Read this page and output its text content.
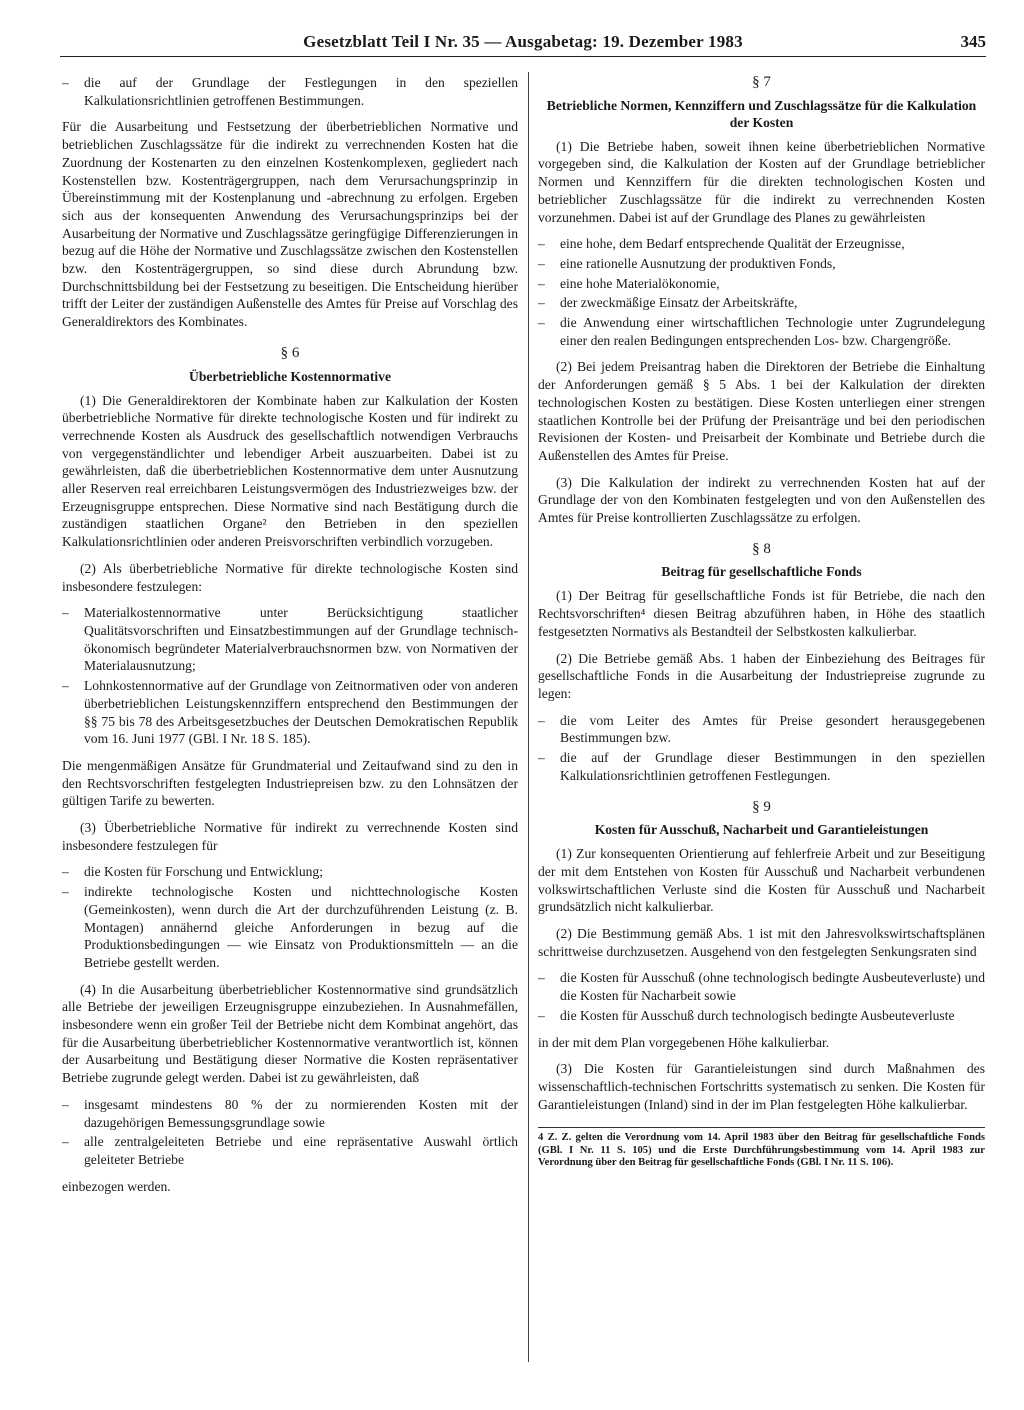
Gesetzblatt Teil I Nr. 35 — Ausgabetag: 19. Dezember 1983	345
– die auf der Grundlage der Festlegungen in den speziellen Kalkulationsrichtlinien getroffenen Bestimmungen.

Für die Ausarbeitung und Festsetzung der überbetrieblichen Normative und betrieblichen Zuschlagssätze für die indirekt zu verrechnenden Kosten hat die Zuordnung der Kostenarten zu den einzelnen Kostenkomplexen, gegliedert nach Kostenstellen bzw. Kostenträgergruppen, nach dem Verursachungsprinzip in Übereinstimmung mit der Kostenplanung und -abrechnung zu erfolgen. Ergeben sich aus der konsequenten Anwendung des Verursachungsprinzips bei der Ausarbeitung der Normative und Zuschlagssätze geringfügige Differenzierungen in bezug auf die Höhe der Normative und Zuschlagssätze zwischen den Kostenstellen bzw. den Kostenträgergruppen, so sind diese durch Abrundung bzw. Durchschnittsbildung bei der Festsetzung zu beseitigen. Die Entscheidung hierüber trifft der Leiter der zuständigen Außenstelle des Amtes für Preise auf Vorschlag des Generaldirektors des Kombinates.

§ 6
Überbetriebliche Kostennormative

(1) Die Generaldirektoren der Kombinate haben zur Kalkulation der Kosten überbetriebliche Normative für direkte technologische Kosten und für indirekt zu verrechnende Kosten als Ausdruck des gesellschaftlich notwendigen Verbrauchs von vergegenständlichter und lebendiger Arbeit auszuarbeiten. Dabei ist zu gewährleisten, daß die überbetrieblichen Kostennormative dem unter Ausnutzung aller Reserven real erreichbaren Leistungsvermögen des Industriezweiges bzw. der Erzeugnisgruppe entsprechen. Diese Normative sind nach Bestätigung durch die zuständigen staatlichen Organe² den Betrieben in den speziellen Kalkulationsrichtlinien oder anderen Preisvorschriften verbindlich vorzugeben.

(2) Als überbetriebliche Normative für direkte technologische Kosten sind insbesondere festzulegen:

– Materialkostennormative unter Berücksichtigung staatlicher Qualitätsvorschriften und Einsatzbestimmungen auf der Grundlage technisch-ökonomisch begründeter Materialverbrauchsnormen bzw. von Normativen der Materialausnutzung;
– Lohnkostennormative auf der Grundlage von Zeitnormativen oder von anderen überbetrieblichen Leistungskennziffern entsprechend den Bestimmungen der §§ 75 bis 78 des Arbeitsgesetzbuches der Deutschen Demokratischen Republik vom 16. Juni 1977 (GBl. I Nr. 18 S. 185).

Die mengenmäßigen Ansätze für Grundmaterial und Zeitaufwand sind zu den in den Rechtsvorschriften festgelegten Industriepreisen bzw. zu den Lohnsätzen der gültigen Tarife zu bewerten.

(3) Überbetriebliche Normative für indirekt zu verrechnende Kosten sind insbesondere festzulegen für

– die Kosten für Forschung und Entwicklung;
– indirekte technologische Kosten und nichttechnologische Kosten (Gemeinkosten), wenn durch die Art der durchzuführenden Leistung (z. B. Montagen) annähernd gleiche Anforderungen in bezug auf die Produktionsbedingungen — wie Einsatz von Produktionsmitteln — an die Betriebe gestellt werden.

(4) In die Ausarbeitung überbetrieblicher Kostennormative sind grundsätzlich alle Betriebe der jeweiligen Erzeugnisgruppe einzubeziehen. In Ausnahmefällen, insbesondere wenn ein großer Teil der Betriebe nicht dem Kombinat angehört, das für die Ausarbeitung überbetrieblicher Kostennormative verantwortlich ist, können der Ausarbeitung und Bestätigung dieser Normative die Kosten repräsentativer Betriebe zugrunde gelegt werden. Dabei ist zu gewährleisten, daß

– insgesamt mindestens 80 % der zu normierenden Kosten mit der dazugehörigen Bemessungsgrundlage sowie
– alle zentralgeleiteten Betriebe und eine repräsentative Auswahl örtlich geleiteter Betriebe

einbezogen werden.

§ 7
Betriebliche Normen, Kennziffern und Zuschlagssätze für die Kalkulation der Kosten

(1) Die Betriebe haben, soweit ihnen keine überbetrieblichen Normative vorgegeben sind, die Kalkulation der Kosten auf der Grundlage betrieblicher Normen und Kennziffern für die direkten technologischen Kosten und betrieblicher Zuschlagssätze für die indirekt zu verrechnenden Kosten vorzunehmen. Dabei ist auf der Grundlage des Planes zu gewährleisten

– eine hohe, dem Bedarf entsprechende Qualität der Erzeugnisse,
– eine rationelle Ausnutzung der produktiven Fonds,
– eine hohe Materialökonomie,
– der zweckmäßige Einsatz der Arbeitskräfte,
– die Anwendung einer wirtschaftlichen Technologie unter Zugrundelegung einer den realen Bedingungen entsprechenden Los- bzw. Chargengröße.

(2) Bei jedem Preisantrag haben die Direktoren der Betriebe die Einhaltung der Anforderungen gemäß § 5 Abs. 1 bei der Kalkulation der direkten technologischen Kosten zu bestätigen. Diese Kosten unterliegen einer strengen staatlichen Kontrolle bei der Prüfung der Preisanträge und bei den periodischen Revisionen der Kosten- und Preisarbeit der Kombinate und Betriebe durch die Außenstellen des Amtes für Preise.

(3) Die Kalkulation der indirekt zu verrechnenden Kosten hat auf der Grundlage der von den Kombinaten festgelegten und von den Außenstellen des Amtes für Preise kontrollierten Zuschlagssätze zu erfolgen.

§ 8
Beitrag für gesellschaftliche Fonds

(1) Der Beitrag für gesellschaftliche Fonds ist für Betriebe, die nach den Rechtsvorschriften⁴ diesen Beitrag abzuführen haben, in Höhe des staatlich festgesetzten Normativs als Bestandteil der Selbstkosten kalkulierbar.

(2) Die Betriebe gemäß Abs. 1 haben der Einbeziehung des Beitrages für gesellschaftliche Fonds in die Ausarbeitung der Industriepreise zugrunde zu legen:

– die vom Leiter des Amtes für Preise gesondert herausgegebenen Bestimmungen bzw.
– die auf der Grundlage dieser Bestimmungen in den speziellen Kalkulationsrichtlinien getroffenen Festlegungen.
§ 9
Kosten für Ausschuß, Nacharbeit und Garantieleistungen

(1) Zur konsequenten Orientierung auf fehlerfreie Arbeit und zur Beseitigung der mit dem Entstehen von Kosten für Ausschuß und Nacharbeit verbundenen volkswirtschaftlichen Verluste sind die Kosten für Ausschuß und Nacharbeit grundsätzlich nicht kalkulierbar.

(2) Die Bestimmung gemäß Abs. 1 ist mit den Jahresvolkswirtschaftsplänen schrittweise durchzusetzen. Ausgehend von den festgelegten Senkungsraten sind

– die Kosten für Ausschuß (ohne technologisch bedingte Ausbeuteverluste) und die Kosten für Nacharbeit sowie
– die Kosten für Ausschuß durch technologisch bedingte Ausbeuteverluste

in der mit dem Plan vorgegebenen Höhe kalkulierbar.

(3) Die Kosten für Garantieleistungen sind durch Maßnahmen des wissenschaftlich-technischen Fortschritts systematisch zu senken. Die Kosten für Garantieleistungen (Inland) sind in der im Plan festgelegten Höhe kalkulierbar.

4 Z. Z. gelten die Verordnung vom 14. April 1983 über den Beitrag für gesellschaftliche Fonds (GBl. I Nr. 11 S. 105) und die Erste Durchführungsbestimmung vom 14. April 1983 zur Verordnung über den Beitrag für gesellschaftliche Fonds (GBl. I Nr. 11 S. 106).
